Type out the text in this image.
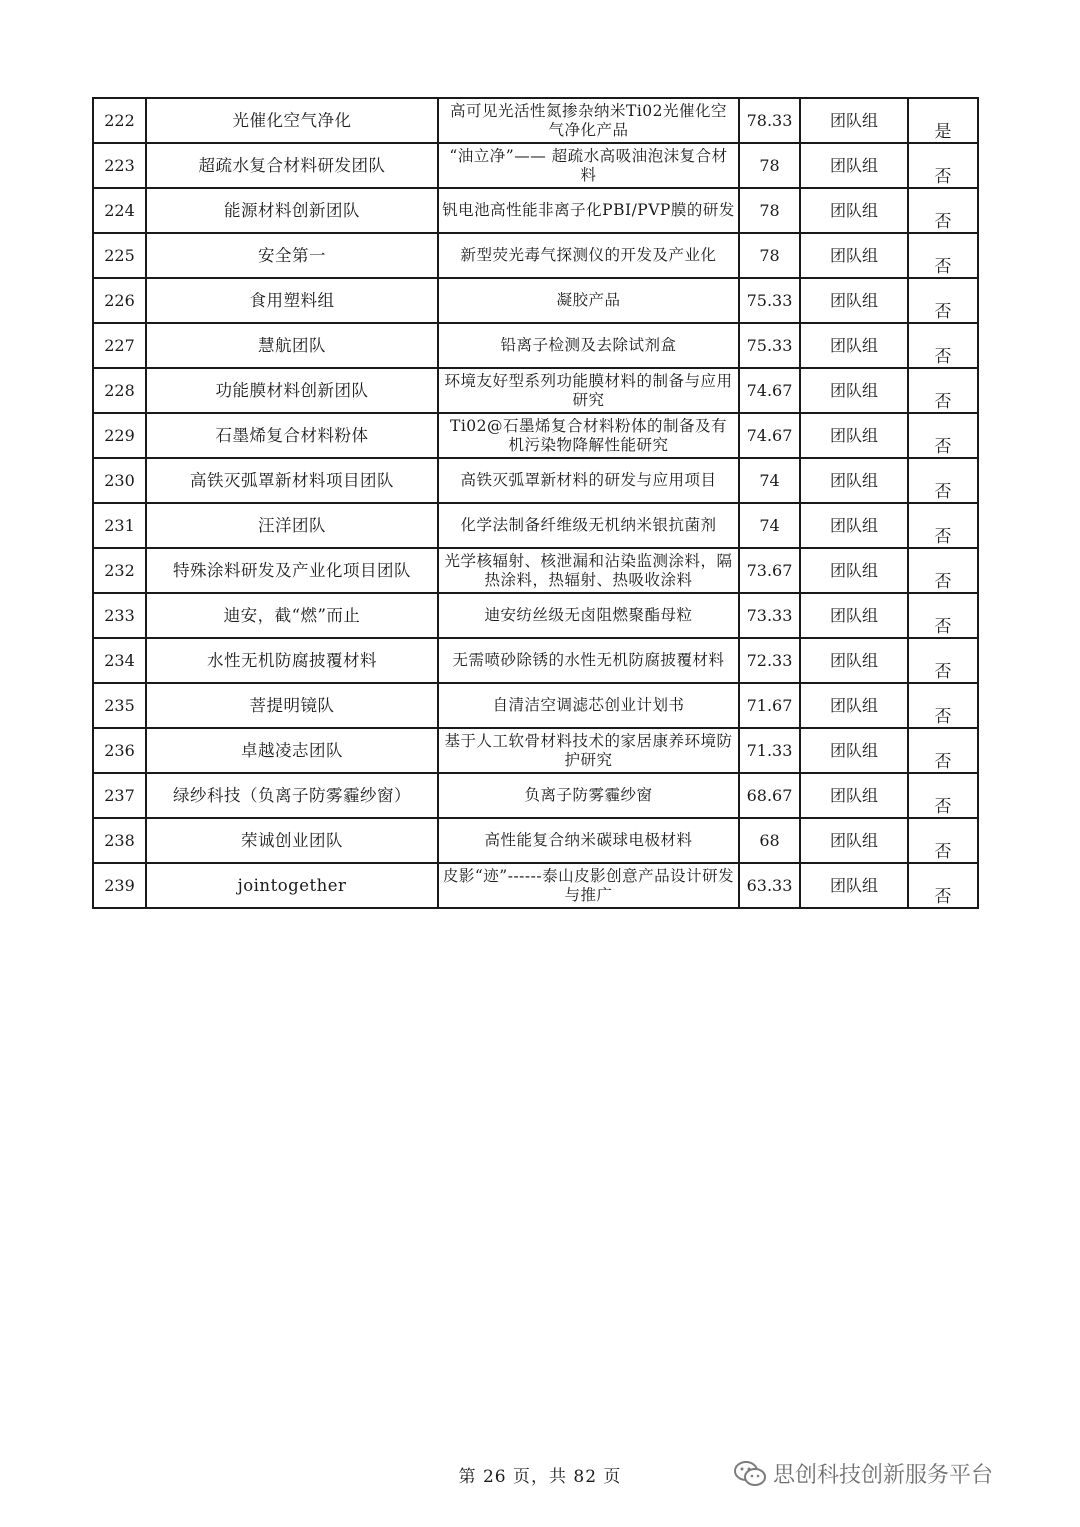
222	光催化空气净化	高可见光活性氮掺杂纳米Ti02光催化空气净化产品	78.33	团队组	是
223	超疏水复合材料研发团队	“油立净”—— 超疏水高吸油泡沫复合材料	78	团队组	否
224	能源材料创新团队	钒电池高性能非离子化PBI/PVP膜的研发	78	团队组	否
225	安全第一	新型荧光毒气探测仪的开发及产业化	78	团队组	否
226	食用塑料组	凝胶产品	75.33	团队组	否
227	慧航团队	铅离子检测及去除试剂盒	75.33	团队组	否
228	功能膜材料创新团队	环境友好型系列功能膜材料的制备与应用研究	74.67	团队组	否
229	石墨烯复合材料粉体	Ti02@石墨烯复合材料粉体的制备及有机污染物降解性能研究	74.67	团队组	否
230	高铁灭弧罩新材料项目团队	高铁灭弧罩新材料的研发与应用项目	74	团队组	否
231	汪洋团队	化学法制备纤维级无机纳米银抗菌剂	74	团队组	否
232	特殊涂料研发及产业化项目团队	光学核辐射、核泄漏和沾染监测涂料，隔热涂料，热辐射、热吸收涂料	73.67	团队组	否
233	迪安，截“燃”而止	迪安纺丝级无卤阻燃聚酯母粒	73.33	团队组	否
234	水性无机防腐披覆材料	无需喷砂除锈的水性无机防腐披覆材料	72.33	团队组	否
235	菩提明镜队	自清洁空调滤芯创业计划书	71.67	团队组	否
236	卓越凌志团队	基于人工软骨材料技术的家居康养环境防护研究	71.33	团队组	否
237	绿纱科技（负离子防雾霾纱窗）	负离子防雾霾纱窗	68.67	团队组	否
238	荣诚创业团队	高性能复合纳米碳球电极材料	68	团队组	否
239	jointogether	皮影“迹”------泰山皮影创意产品设计研发与推广	63.33	团队组	否
第 26 页，共 82 页	思创科技创新服务平台
